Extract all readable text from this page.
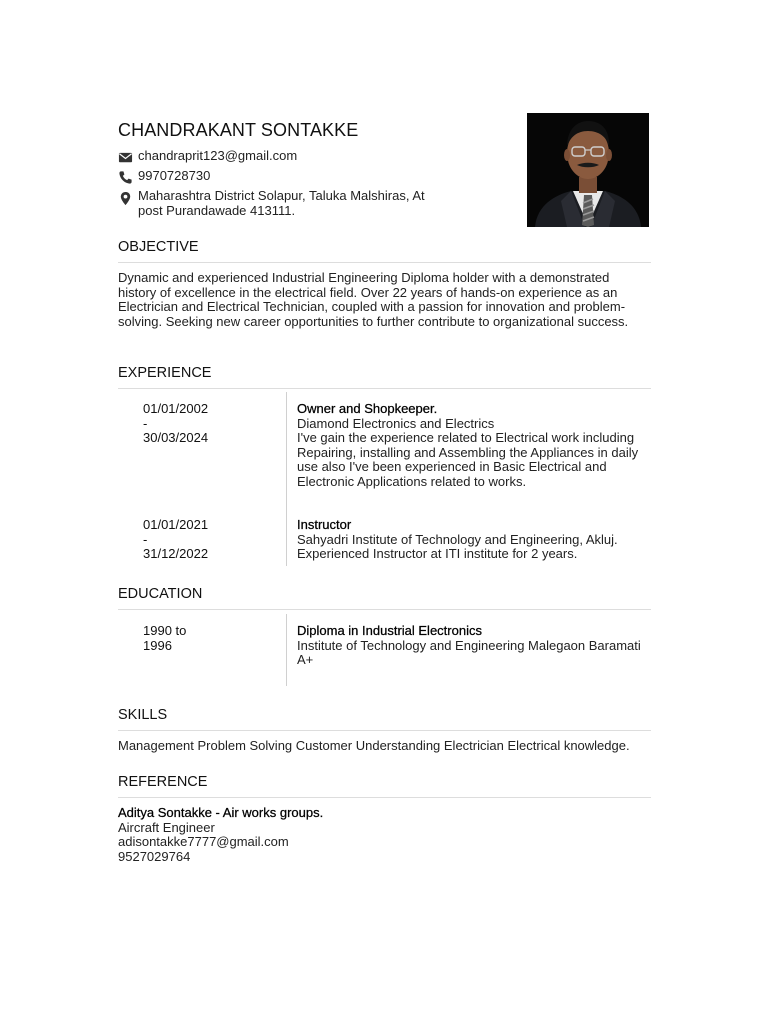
CHANDRAKANT SONTAKKE
chandraprit123@gmail.com
9970728730
Maharashtra District Solapur, Taluka Malshiras, At post Purandawade 413111.
OBJECTIVE

Dynamic and experienced Industrial Engineering Diploma holder with a demonstrated history of excellence in the electrical field. Over 22 years of hands-on experience as an Electrician and Electrical Technician, coupled with a passion for innovation and problem-solving. Seeking new career opportunities to further contribute to organizational success.

EXPERIENCE
01/01/2002
-
30/03/2024
Owner and Shopkeeper.
Diamond Electronics and Electrics
I've gain the experience related to Electrical work including Repairing, installing and Assembling the Appliances in daily use also I've been experienced in Basic Electrical and Electronic Applications related to works.
01/01/2021
-
31/12/2022
Instructor
Sahyadri Institute of Technology and Engineering, Akluj.
Experienced Instructor at ITI institute for 2 years.
EDUCATION
1990 to
1996
Diploma in Industrial Electronics
Institute of Technology and Engineering Malegaon Baramati
A+
SKILLS

Management Problem Solving Customer Understanding Electrician Electrical knowledge.

REFERENCE
Aditya Sontakke - Air works groups.
Aircraft Engineer
adisontakke7777@gmail.com
9527029764
